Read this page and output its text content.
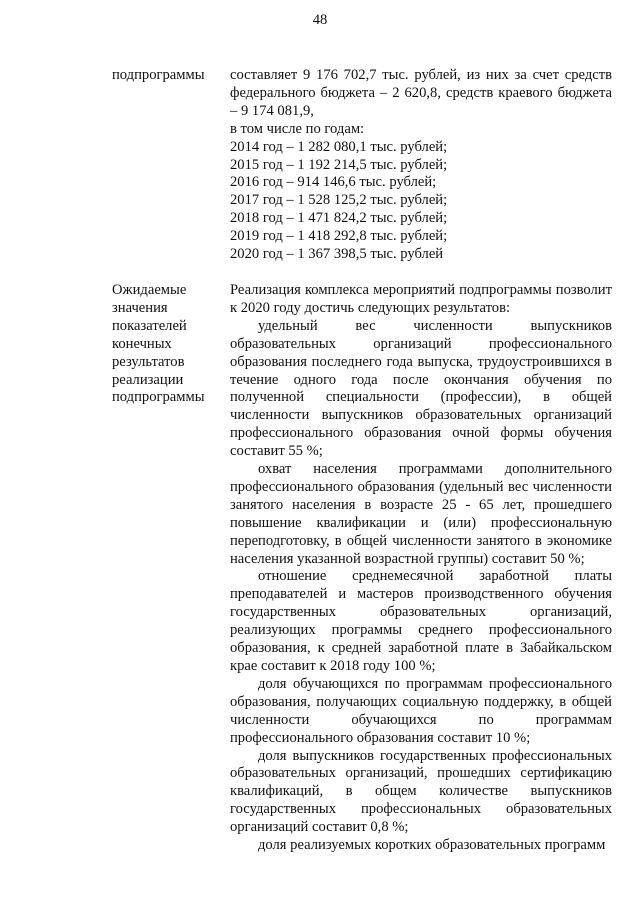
48
подпрограммы	составляет 9 176 702,7 тыс. рублей, из них за счет средств федерального бюджета – 2 620,8, средств краевого бюджета – 9 174 081,9,
в том числе по годам:
2014 год – 1 282 080,1 тыс. рублей;
2015 год – 1 192 214,5 тыс. рублей;
2016 год – 914 146,6 тыс. рублей;
2017 год – 1 528 125,2 тыс. рублей;
2018 год – 1 471 824,2 тыс. рублей;
2019 год – 1 418 292,8 тыс. рублей;
2020 год – 1 367 398,5 тыс. рублей
Ожидаемые
значения
показателей
конечных
результатов
реализации
подпрограммы
Реализация комплекса мероприятий подпрограммы позволит к 2020 году достичь следующих результатов:
удельный вес численности выпускников образовательных организаций профессионального образования последнего года выпуска, трудоустроившихся в течение одного года после окончания обучения по полученной специальности (профессии), в общей численности выпускников образовательных организаций профессионального образования очной формы обучения составит 55 %;
охват населения программами дополнительного профессионального образования (удельный вес численности занятого населения в возрасте 25 - 65 лет, прошедшего повышение квалификации и (или) профессиональную переподготовку, в общей численности занятого в экономике населения указанной возрастной группы) составит 50 %;
отношение среднемесячной заработной платы преподавателей и мастеров производственного обучения государственных образовательных организаций, реализующих программы среднего профессионального образования, к средней заработной плате в Забайкальском крае составит к 2018 году 100 %;
доля обучающихся по программам профессионального образования, получающих социальную поддержку, в общей численности обучающихся по программам профессионального образования составит 10 %;
доля выпускников государственных профессиональных образовательных организаций, прошедших сертификацию квалификаций, в общем количестве выпускников государственных профессиональных образовательных организаций составит 0,8 %;
доля реализуемых коротких образовательных программ
